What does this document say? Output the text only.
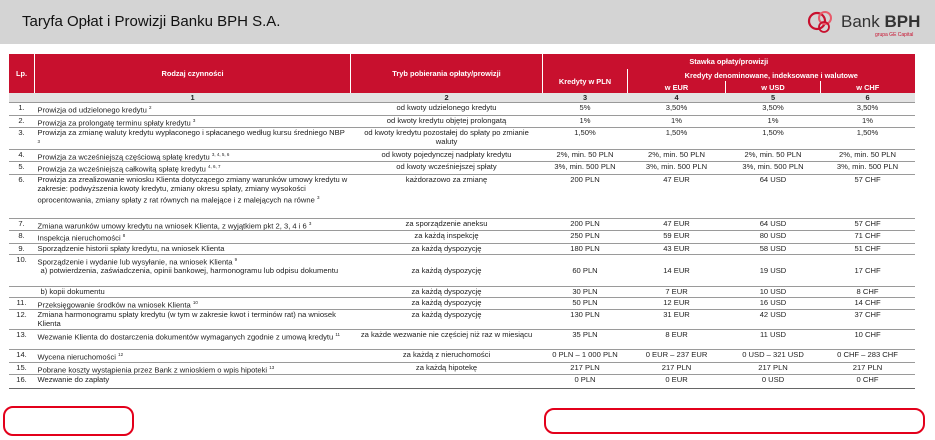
Taryfa Opłat i Prowizji Banku BPH S.A.	Bank BPH
grupa GE Capital
Lp.	Rodzaj czynności	Tryb pobierania opłaty/prowizji	Stawka opłaty/prowizji			
			Kredyty w PLN	Kredyty denominowane, indeksowane i walutowe		
				w EUR	w USD	w CHF
	1	2	3	4	5	6
1.	Prowizja od udzielonego kredytu $^2$	od kwoty udzielonego kredytu	5%	3,50%	3,50%	3,50%
2.	Prowizja za prolongatę terminu spłaty kredytu $^3$	od kwoty kredytu objętej prolongatą	1%	1%	1%	1%
3.	Prowizja za zmianę waluty kredytu wypłaconego i spłacanego według kursu średniego NBP $^3$	od kwoty kredytu pozostałej do spłaty po zmianie waluty	1,50%	1,50%	1,50%	1,50%
4.	Prowizja za wcześniejszą częściową spłatę kredytu $^{3, 4, 5, 6}$	od kwoty pojedynczej nadpłaty kredytu	2%, min. 50 PLN	2%, min. 50 PLN	2%, min. 50 PLN	2%, min. 50 PLN
5.	Prowizja za wcześniejszą całkowitą spłatę kredytu $^{4, 6, 7}$	od kwoty wcześniejszej spłaty	3%, min. 500 PLN	3%, min. 500 PLN	3%, min. 500 PLN	3%, min. 500 PLN
6.	Prowizja za zrealizowanie wniosku Klienta dotyczącego zmiany warunków umowy kredytu w zakresie: podwyższenia kwoty kredytu, zmiany okresu spłaty, zmiany wysokości oprocentowania, zmiany spłaty z rat równych na malejące i z malejących na równe $^3$	każdorazowo za zmianę	200 PLN	47 EUR	64 USD	57 CHF
7.	Zmiana warunków umowy kredytu na wniosek Klienta, z wyjątkiem pkt 2, 3, 4 i 6 $^3$	za sporządzenie aneksu	200 PLN	47 EUR	64 USD	57 CHF
8.	Inspekcja nieruchomości $^8$	za każdą inspekcję	250 PLN	59 EUR	80 USD	71 CHF
9.	Sporządzenie historii spłaty kredytu, na wniosek Klienta	za każdą dyspozycję	180 PLN	43 EUR	58 USD	51 CHF
10.	Sporządzenie i wydanie lub wysyłanie, na wniosek Klienta $^9$					
	a) potwierdzenia, zaświadczenia, opinii bankowej, harmonogramu lub odpisu dokumentu	za każdą dyspozycję	60 PLN	14 EUR	19 USD	17 CHF
	b) kopii dokumentu	za każdą dyspozycję	30 PLN	7 EUR	10 USD	8 CHF
11.	Przeksięgowanie środków na wniosek Klienta $^{10}$	za każdą dyspozycję	50 PLN	12 EUR	16 USD	14 CHF
12.	Zmiana harmonogramu spłaty kredytu (w tym w zakresie kwot i terminów rat) na wniosek Klienta	za każdą dyspozycję	130 PLN	31 EUR	42 USD	37 CHF
13.	Wezwanie Klienta do dostarczenia dokumentów wymaganych zgodnie z umową kredytu $^{11}$	za każde wezwanie nie częściej niż raz w miesiącu	35 PLN	8 EUR	11 USD	10 CHF
14.	Wycena nieruchomości $^{12}$	za każdą z nieruchomości	0 PLN – 1 000 PLN	0 EUR – 237 EUR	0 USD – 321 USD	0 CHF – 283 CHF
15.	Pobrane koszty wystąpienia przez Bank z wnioskiem o wpis hipoteki $^{13}$	za każdą hipotekę	217 PLN	217 PLN	217 PLN	217 PLN
16.	Wezwanie do zapłaty		0 PLN	0 EUR	0 USD	0 CHF
